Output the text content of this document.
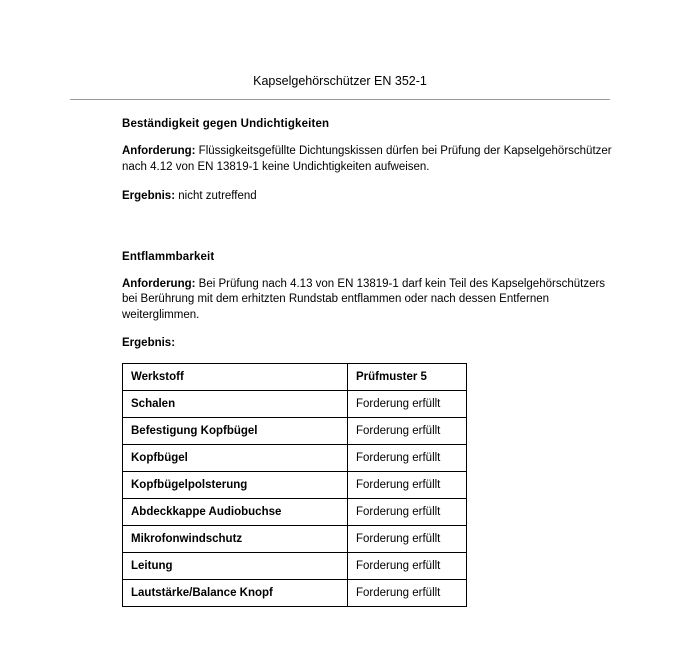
Kapselgehörschützer EN 352-1

Beständigkeit gegen Undichtigkeiten

Anforderung: Flüssigkeitsgefüllte Dichtungskissen dürfen bei Prüfung der Kapselgehörschützer nach 4.12 von EN 13819-1 keine Undichtigkeiten aufweisen.

Ergebnis: nicht zutreffend

Entflammbarkeit

Anforderung: Bei Prüfung nach 4.13 von EN 13819-1 darf kein Teil des Kapselgehörschützers bei Berührung mit dem erhitzten Rundstab entflammen oder nach dessen Entfernen weiterglimmen.

Ergebnis:

Werkstoff	Prüfmuster 5
Schalen	Forderung erfüllt
Befestigung Kopfbügel	Forderung erfüllt
Kopfbügel	Forderung erfüllt
Kopfbügelpolsterung	Forderung erfüllt
Abdeckkappe Audiobuchse	Forderung erfüllt
Mikrofonwindschutz	Forderung erfüllt
Leitung	Forderung erfüllt
Lautstärke/Balance Knopf	Forderung erfüllt
